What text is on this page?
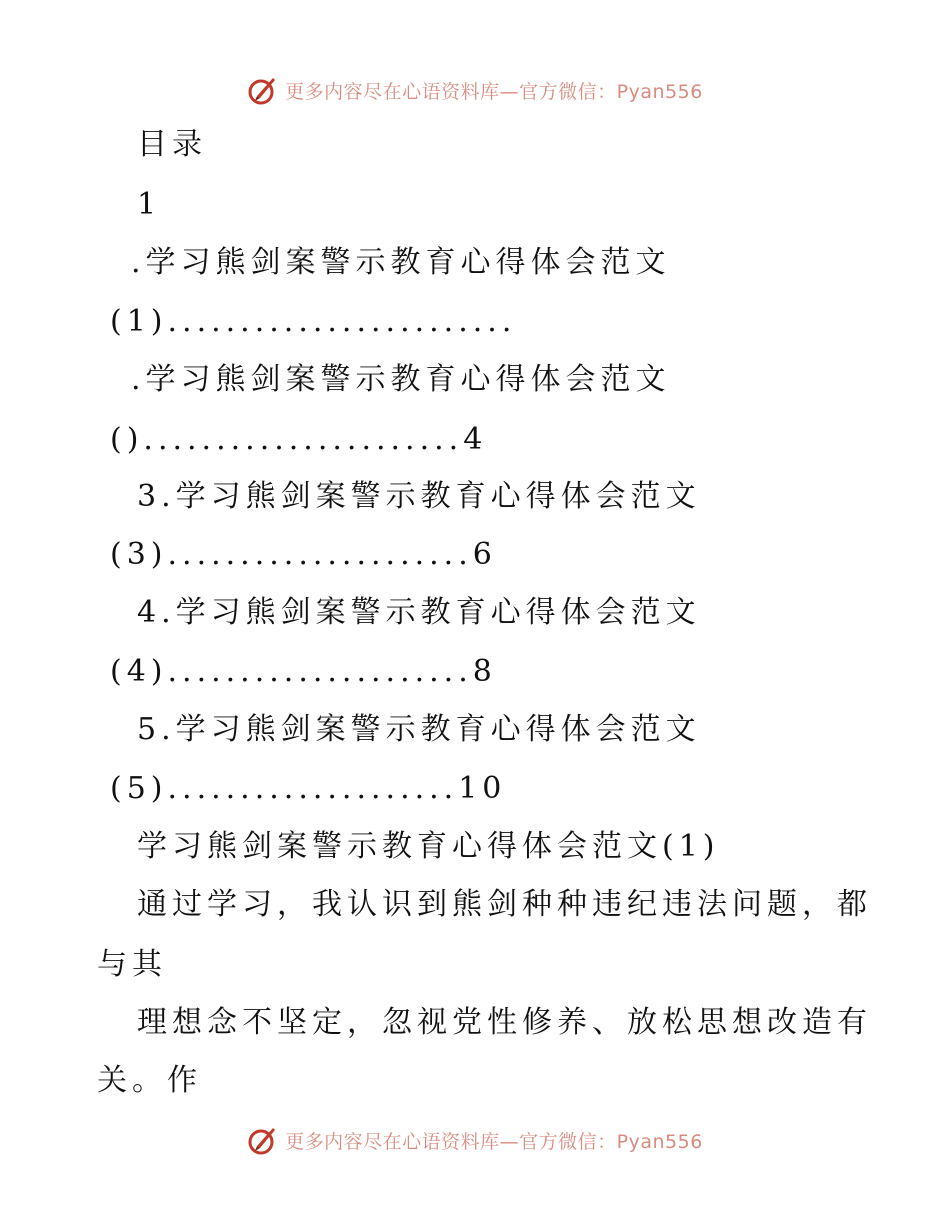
更多内容尽在心语资料库—官方微信：Pyan556
目录
1
.学习熊剑案警示教育心得体会范文
(1)........................
.学习熊剑案警示教育心得体会范文
()......................4
3.学习熊剑案警示教育心得体会范文
(3).....................6
4.学习熊剑案警示教育心得体会范文
(4).....................8
5.学习熊剑案警示教育心得体会范文
(5)....................10
学习熊剑案警示教育心得体会范文(1)
通过学习，我认识到熊剑种种违纪违法问题，都
与其
理想念不坚定，忽视党性修养、放松思想改造有
关。作
更多内容尽在心语资料库—官方微信：Pyan556
